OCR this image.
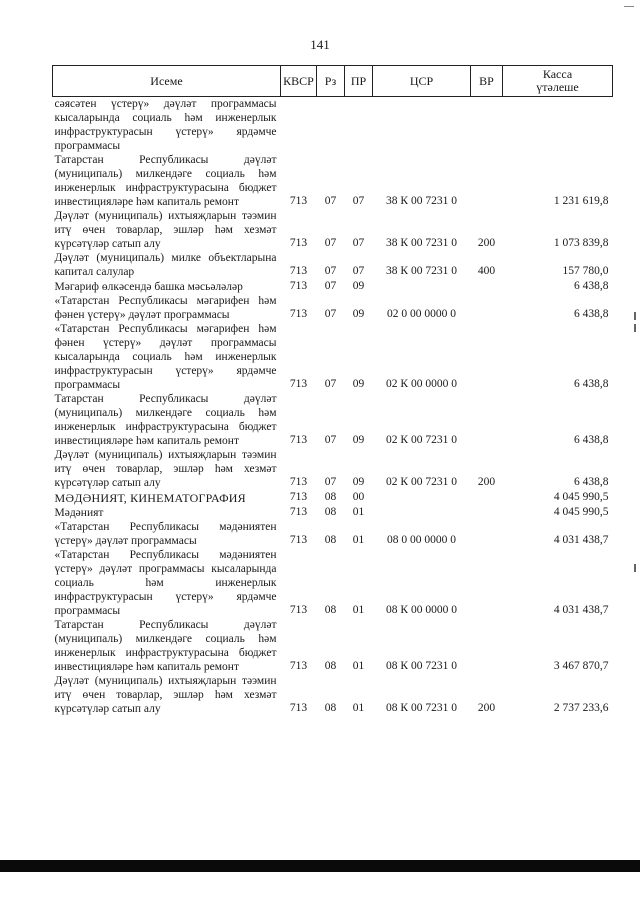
141
Исеме	КВСР	Рз	ПР	ЦСР	ВР	Касса
үтәлеше

сәясәтен үстерү» дәүләт программасы кысаларында социаль һәм инженерлык инфраструктурасын үстерү» ярдәмче программасы						
Татарстан Республикасы дәүләт (муниципаль) милкендәге социаль һәм инженерлык инфраструктурасына бюджет инвестицияләре һәм капиталь ремонт	713	07	07	38 К 00 7231 0		1 231 619,8
Дәүләт (муниципаль) ихтыяҗларын тәэмин итү өчен товарлар, эшләр һәм хезмәт күрсәтүләр сатып алу	713	07	07	38 К 00 7231 0	200	1 073 839,8
Дәүләт (муниципаль) милке объектларына капитал салулар	713	07	07	38 К 00 7231 0	400	157 780,0
Мәгариф өлкәсендә башка мәсьәләләр	713	07	09			6 438,8
«Татарстан Республикасы мәгарифен һәм фәнен үстерү» дәүләт программасы	713	07	09	02 0 00 0000 0		6 438,8
«Татарстан Республикасы мәгарифен һәм фәнен үстерү» дәүләт программасы кысаларында социаль һәм инженерлык инфраструктурасын үстерү» ярдәмче программасы	713	07	09	02 К 00 0000 0		6 438,8
Татарстан Республикасы дәүләт (муниципаль) милкендәге социаль һәм инженерлык инфраструктурасына бюджет инвестицияләре һәм капиталь ремонт	713	07	09	02 К 00 7231 0		6 438,8
Дәүләт (муниципаль) ихтыяҗларын тәэмин итү өчен товарлар, эшләр һәм хезмәт күрсәтүләр сатып алу	713	07	09	02 К 00 7231 0	200	6 438,8
МӘДӘНИЯТ, КИНЕМАТОГРАФИЯ	713	08	00			4 045 990,5
Мәдәният	713	08	01			4 045 990,5
«Татарстан Республикасы мәдәниятен үстерү» дәүләт программасы	713	08	01	08 0 00 0000 0		4 031 438,7
«Татарстан Республикасы мәдәниятен үстерү» дәүләт программасы кысаларында социаль һәм инженерлык инфраструктурасын үстерү» ярдәмче программасы	713	08	01	08 К 00 0000 0		4 031 438,7
Татарстан Республикасы дәүләт (муниципаль) милкендәге социаль һәм инженерлык инфраструктурасына бюджет инвестицияләре һәм капиталь ремонт	713	08	01	08 К 00 7231 0		3 467 870,7
Дәүләт (муниципаль) ихтыяҗларын тәэмин итү өчен товарлар, эшләр һәм хезмәт күрсәтүләр сатып алу	713	08	01	08 К 00 7231 0	200	2 737 233,6
